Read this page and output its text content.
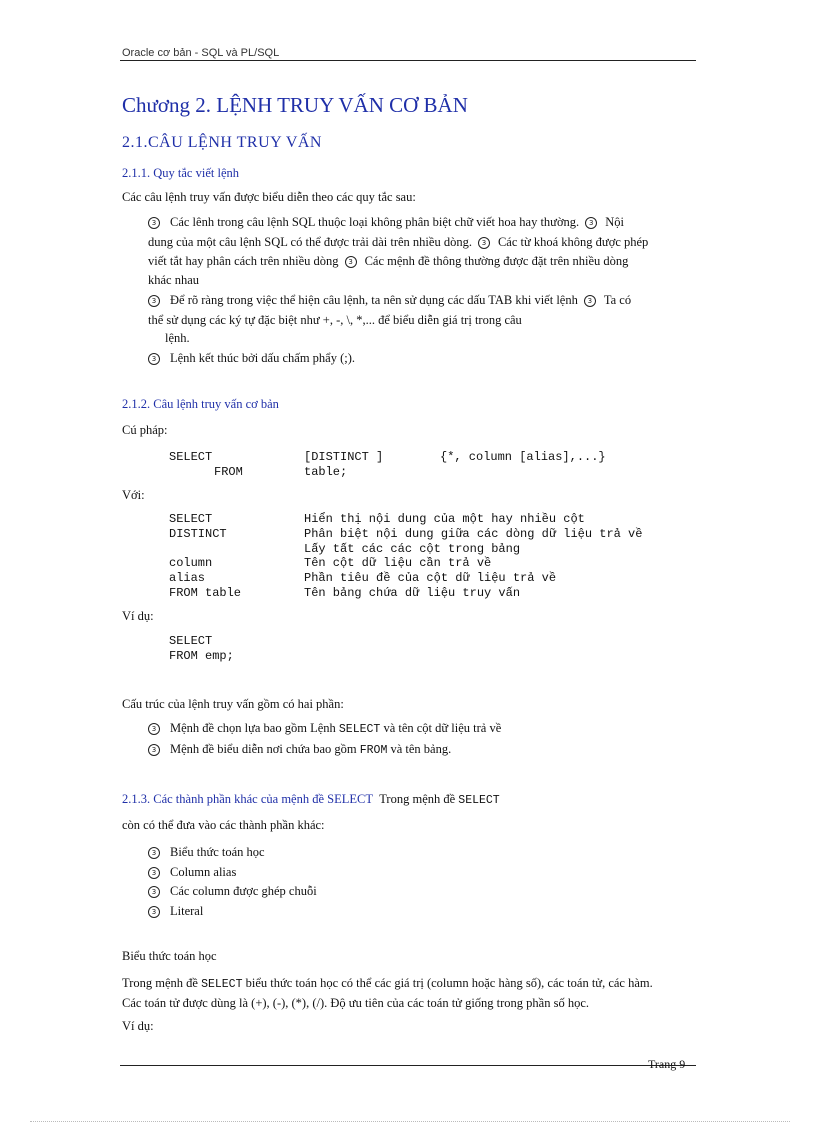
Oracle cơ bản - SQL và PL/SQL
Chương 2. LỆNH TRUY VẤN CƠ BẢN
2.1.CÂU LỆNH TRUY VẤN
2.1.1. Quy tắc viết lệnh
Các câu lệnh truy vấn được biểu diễn theo các quy tắc sau:
3 Các lênh trong câu lệnh SQL thuộc loại không phân biệt chữ viết hoa hay thường. 3 Nội
dung của một câu lệnh SQL có thể được trải dài trên nhiều dòng. 3 Các từ khoá không được phép
viết tắt hay phân cách trên nhiều dòng 3 Các mệnh đề thông thường được đặt trên nhiều dòng
khác nhau
3 Để rõ ràng trong việc thể hiện câu lệnh, ta nên sử dụng các dấu TAB khi viết lệnh 3 Ta có
thể sử dụng các ký tự đặc biệt như +, -, \, *,... để biểu diễn giá trị trong câu
lệnh.
3 Lệnh kết thúc bởi dấu chấm phẩy (;).
2.1.2. Câu lệnh truy vấn cơ bản
Cú pháp:
SELECT	[DISTINCT ]	{*, column [alias],...}
FROM	table;
Với:
SELECT	Hiển thị nội dung của một hay nhiều cột
DISTINCT	Phân biệt nội dung giữa các dòng dữ liệu trả về
Lấy tất các các cột trong bảng
column	Tên cột dữ liệu cần trả về
alias	Phần tiêu đề của cột dữ liệu trả về
FROM table	Tên bảng chứa dữ liệu truy vấn
Ví dụ:
SELECT
FROM emp;
Cấu trúc của lệnh truy vấn gồm có hai phần:
3 Mệnh đề chọn lựa bao gồm Lệnh SELECT và tên cột dữ liệu trả về
3 Mệnh đề biểu diễn nơi chứa bao gồm FROM và tên bảng.
2.1.3. Các thành phần khác của mệnh đề SELECT Trong mệnh đề SELECT
còn có thể đưa vào các thành phần khác:
3 Biểu thức toán học
3 Column alias
3 Các column được ghép chuỗi
3 Literal
Biểu thức toán học
Trong mệnh đề SELECT biểu thức toán học có thể các giá trị (column hoặc hàng số), các toán tử, các hàm.
Các toán tử được dùng là (+), (-), (*), (/). Độ ưu tiên của các toán tử giống trong phần số học.
Ví dụ:
Trang 9
